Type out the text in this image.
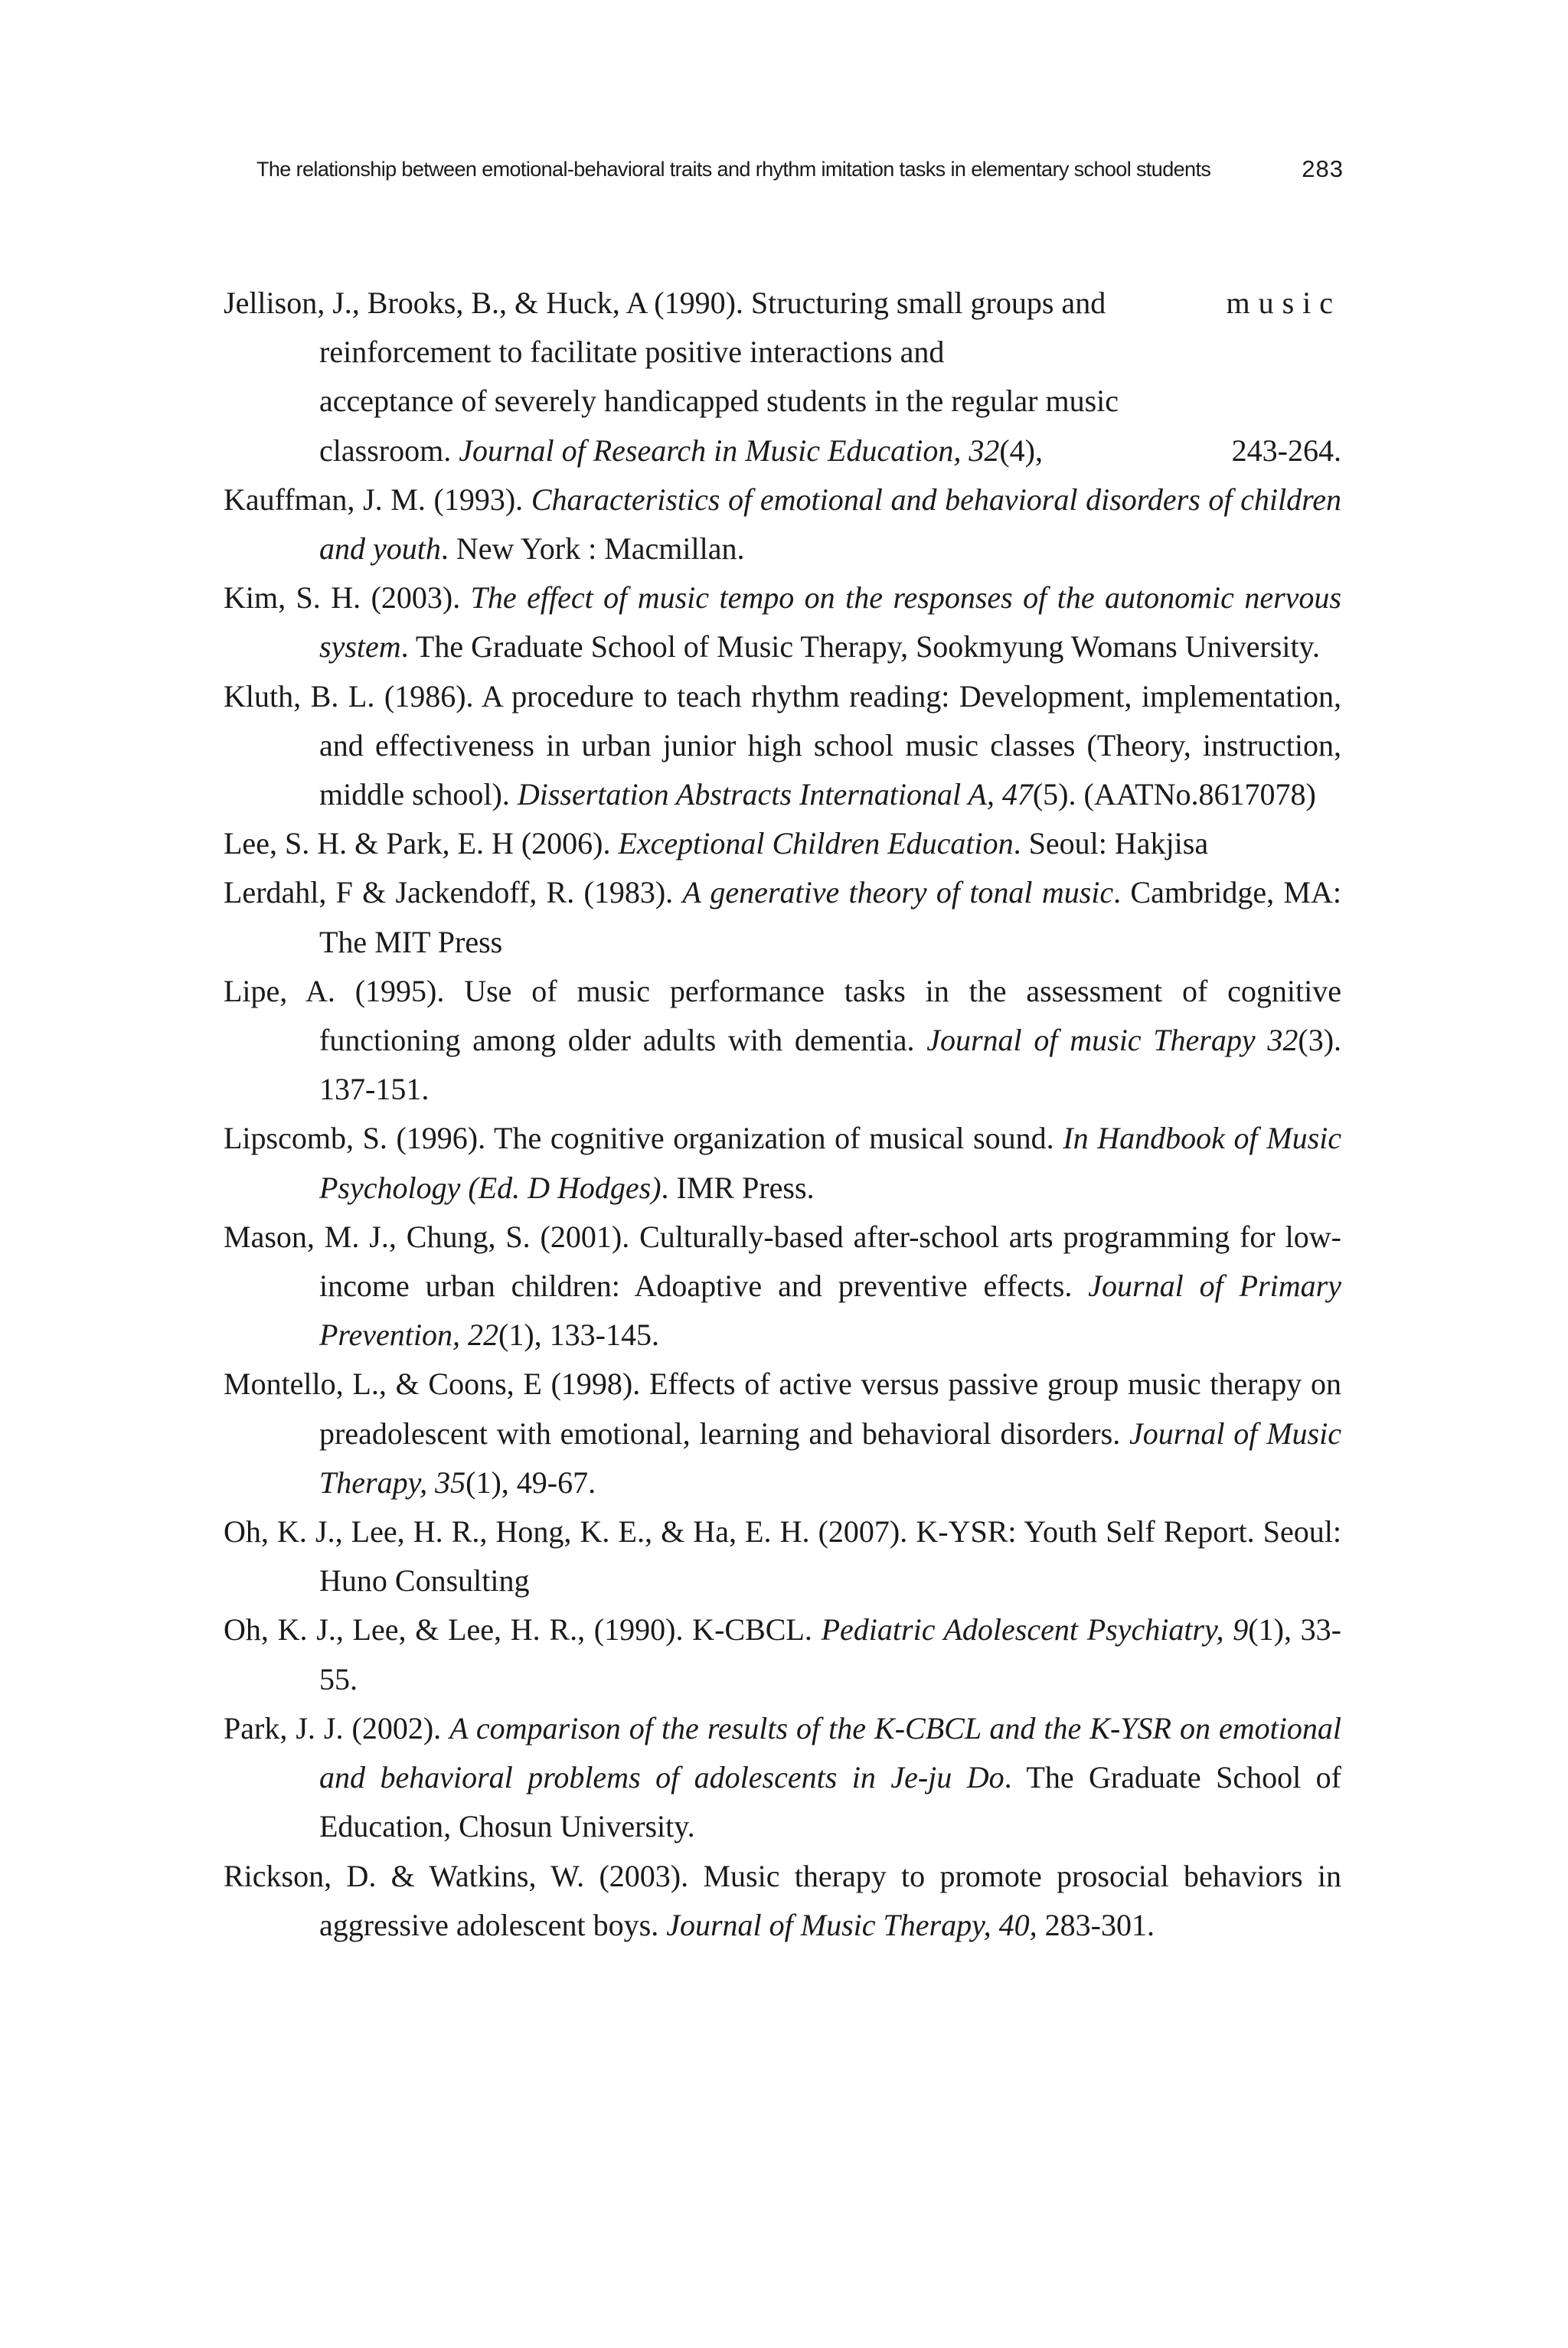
The relationship between emotional-behavioral traits and rhythm imitation tasks in elementary school students	283
Jellison, J., Brooks, B., & Huck, A (1990). Structuring small groups and	music
reinforcement to facilitate positive interactions and
acceptance of severely handicapped students in the regular music
classroom. Journal of Research in Music Education, 32(4),	243-264.

Kauffman, J. M. (1993). Characteristics of emotional and behavioral disorders of children and youth. New York : Macmillan.

Kim, S. H. (2003). The effect of music tempo on the responses of the autonomic nervous system. The Graduate School of Music Therapy, Sookmyung Womans University.

Kluth, B. L. (1986). A procedure to teach rhythm reading: Development, implementation, and effectiveness in urban junior high school music classes (Theory, instruction, middle school). Dissertation Abstracts International A, 47(5). (AATNo.8617078)

Lee, S. H. & Park, E. H (2006). Exceptional Children Education. Seoul: Hakjisa

Lerdahl, F & Jackendoff, R. (1983). A generative theory of tonal music. Cambridge, MA: The MIT Press

Lipe, A. (1995). Use of music performance tasks in the assessment of cognitive functioning among older adults with dementia. Journal of music Therapy 32(3). 137-151.

Lipscomb, S. (1996). The cognitive organization of musical sound. In Handbook of Music Psychology (Ed. D Hodges). IMR Press.

Mason, M. J., Chung, S. (2001). Culturally-based after-school arts programming for low-income urban children: Adoaptive and preventive effects. Journal of Primary Prevention, 22(1), 133-145.

Montello, L., & Coons, E (1998). Effects of active versus passive group music therapy on preadolescent with emotional, learning and behavioral disorders. Journal of Music Therapy, 35(1), 49-67.

Oh, K. J., Lee, H. R., Hong, K. E., & Ha, E. H. (2007). K-YSR: Youth Self Report. Seoul: Huno Consulting

Oh, K. J., Lee, & Lee, H. R., (1990). K-CBCL. Pediatric Adolescent Psychiatry, 9(1), 33-55.

Park, J. J. (2002). A comparison of the results of the K-CBCL and the K-YSR on emotional and behavioral problems of adolescents in Je-ju Do. The Graduate School of Education, Chosun University.

Rickson, D. & Watkins, W. (2003). Music therapy to promote prosocial behaviors in aggressive adolescent boys. Journal of Music Therapy, 40, 283-301.
